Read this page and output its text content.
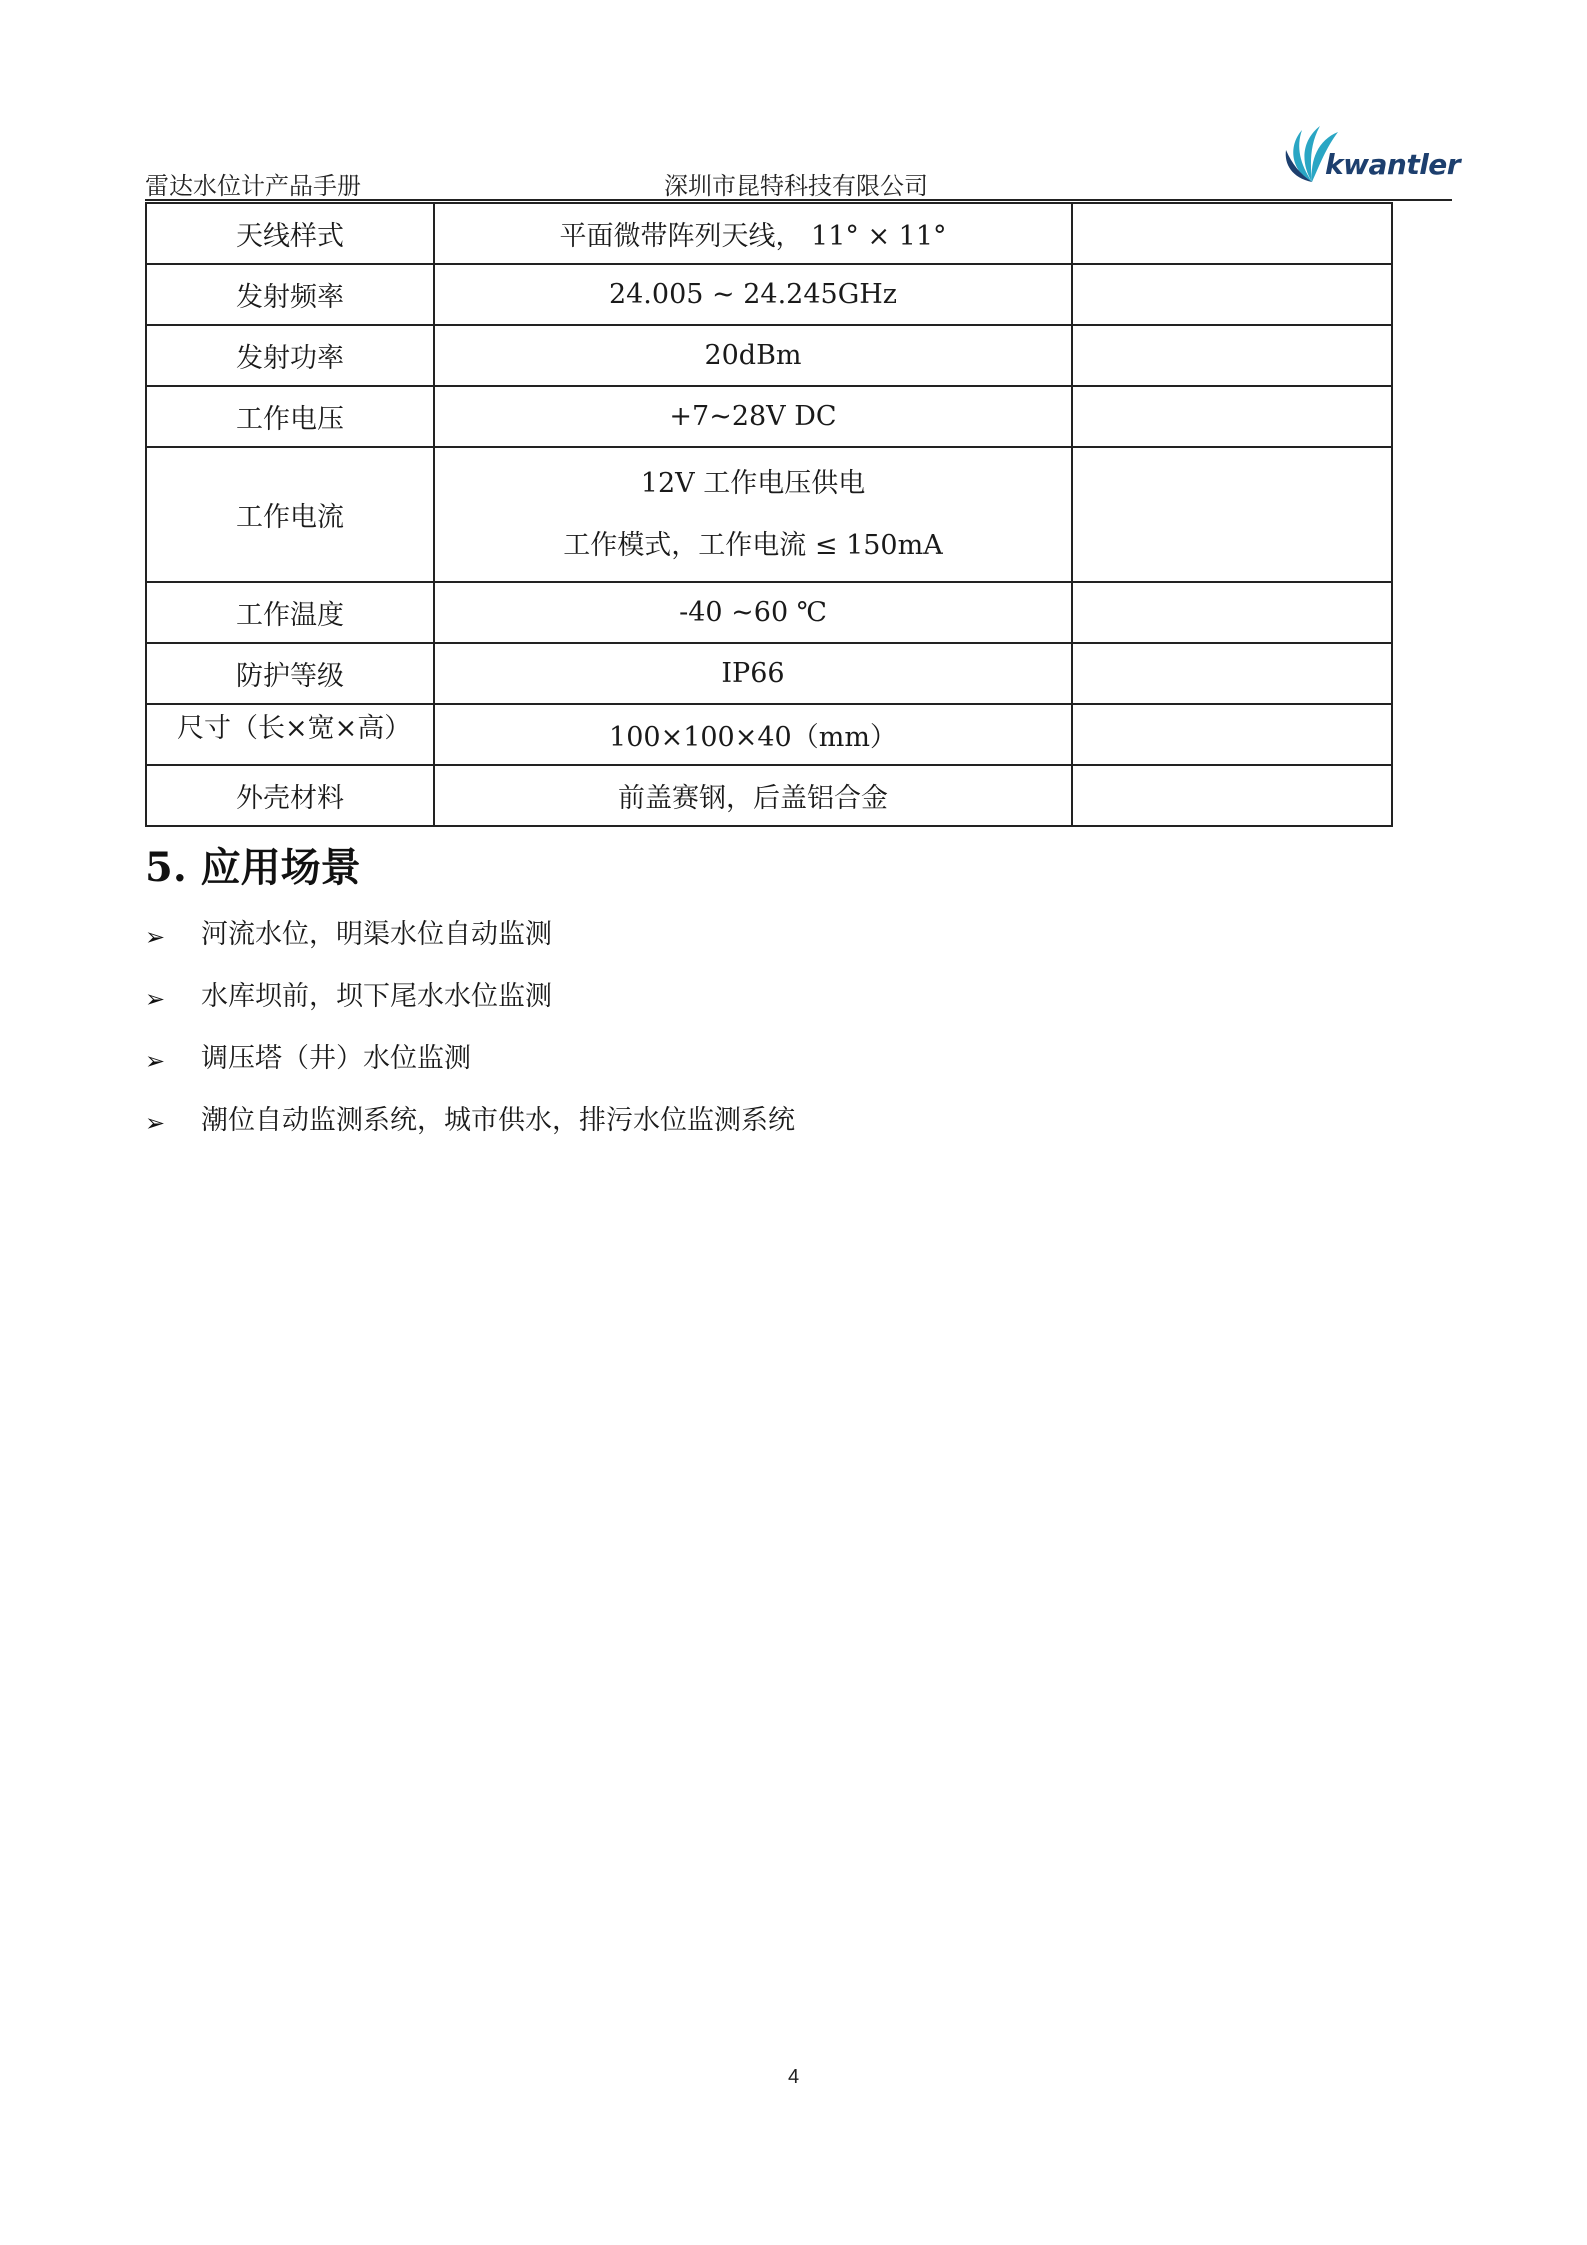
雷达水位计产品手册	深圳市昆特科技有限公司
kwantler
天线样式	平面微带阵列天线， 11° × 11°	
发射频率	24.005 ~ 24.245GHz	
发射功率	20dBm	
工作电压	+7~28V DC	
工作电流	12V 工作电压供电
工作模式，工作电流 ≤ 150mA	

工作温度	-40 ~60 ℃	
防护等级	IP66	

尺寸（长×宽×高）	100×100×40（mm）	
外壳材料	前盖赛钢，后盖铝合金	
5. 应用场景
➢ 河流水位，明渠水位自动监测
➢ 水库坝前，坝下尾水水位监测
➢ 调压塔（井）水位监测
➢ 潮位自动监测系统，城市供水，排污水位监测系统
4
